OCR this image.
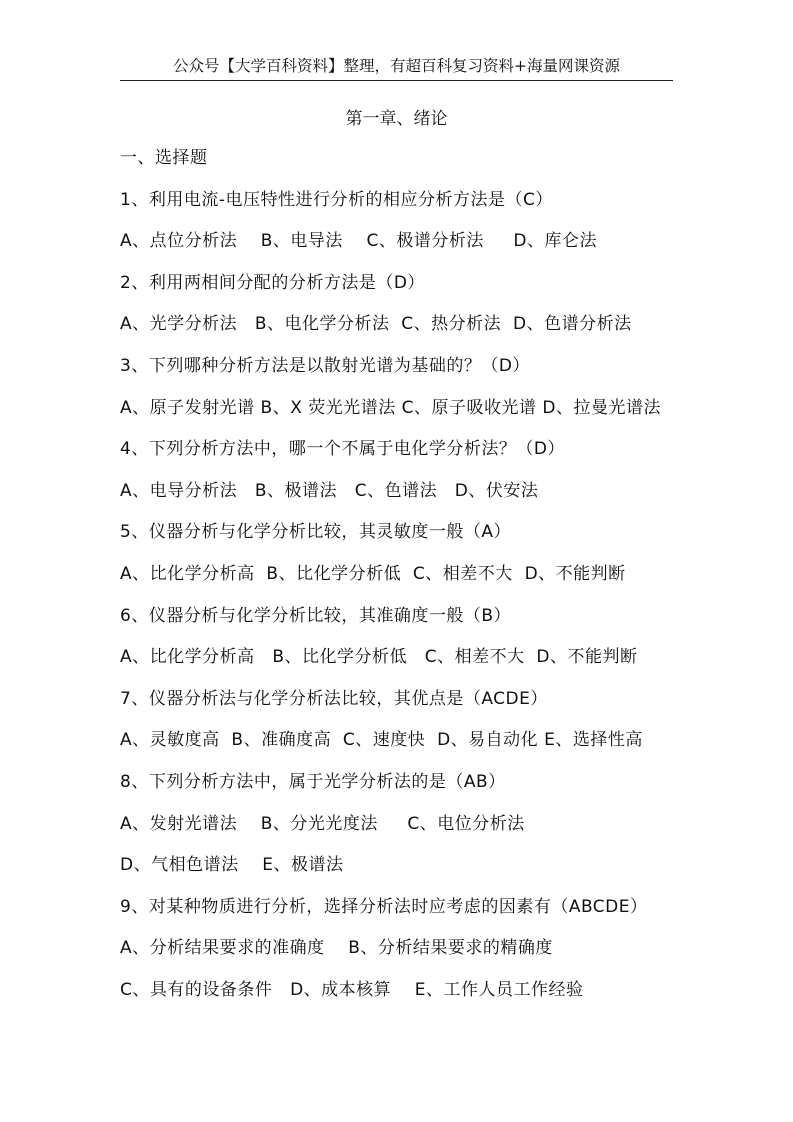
公众号【大学百科资料】整理，有超百科复习资料+海量网课资源
第一章、绪论
一、选择题
1、利用电流-电压特性进行分析的相应分析方法是（C）
A、点位分析法    B、电导法    C、极谱分析法     D、库仑法
2、利用两相间分配的分析方法是（D）
A、光学分析法   B、电化学分析法  C、热分析法  D、色谱分析法
3、下列哪种分析方法是以散射光谱为基础的？（D）
A、原子发射光谱 B、X 荧光光谱法 C、原子吸收光谱 D、拉曼光谱法
4、下列分析方法中，哪一个不属于电化学分析法？（D）
A、电导分析法   B、极谱法   C、色谱法   D、伏安法
5、仪器分析与化学分析比较，其灵敏度一般（A）
A、比化学分析高  B、比化学分析低  C、相差不大  D、不能判断
6、仪器分析与化学分析比较，其准确度一般（B）
A、比化学分析高   B、比化学分析低   C、相差不大  D、不能判断
7、仪器分析法与化学分析法比较，其优点是（ACDE）
A、灵敏度高  B、准确度高  C、速度快  D、易自动化 E、选择性高
8、下列分析方法中，属于光学分析法的是（AB）
A、发射光谱法    B、分光光度法     C、电位分析法
D、气相色谱法    E、极谱法
9、对某种物质进行分析，选择分析法时应考虑的因素有（ABCDE）
A、分析结果要求的准确度    B、分析结果要求的精确度
C、具有的设备条件   D、成本核算    E、工作人员工作经验
